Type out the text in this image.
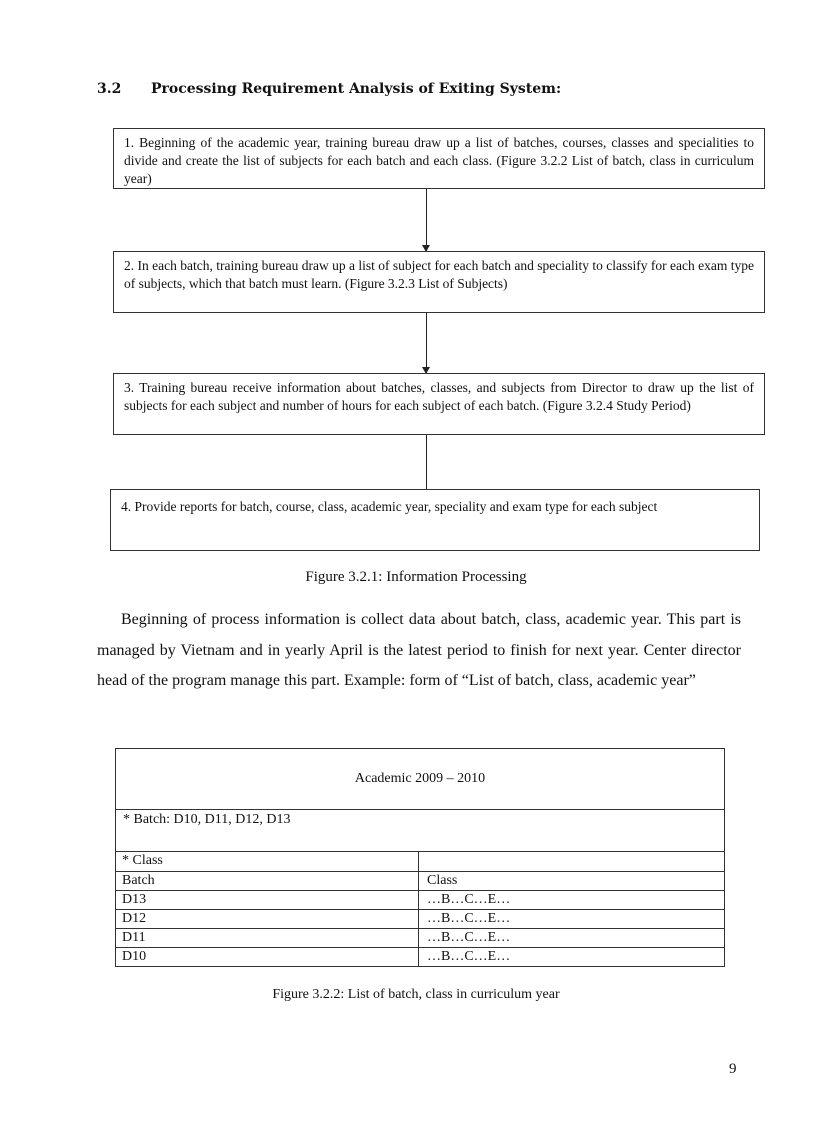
3.2 Processing Requirement Analysis of Exiting System:
1. Beginning of the academic year, training bureau draw up a list of batches, courses, classes and specialities to divide and create the list of subjects for each batch and each class. (Figure 3.2.2 List of batch, class in curriculum year)
2. In each batch, training bureau draw up a list of subject for each batch and speciality to classify for each exam type of subjects, which that batch must learn. (Figure 3.2.3 List of Subjects)
3. Training bureau receive information about batches, classes, and subjects from Director to draw up the list of subjects for each subject and number of hours for each subject of each batch. (Figure 3.2.4 Study Period)
4. Provide reports for batch, course, class, academic year, speciality and exam type for each subject
Figure 3.2.1: Information Processing
Beginning of process information is collect data about batch, class, academic year. This part is managed by Vietnam and in yearly April is the latest period to finish for next year. Center director head of the program manage this part. Example: form of “List of batch, class, academic year”
Academic 2009 – 2010
* Batch: D10, D11, D12, D13
* Class
Batch	Class
D13	…B…C…E…
D12	…B…C…E…
D11	…B…C…E…
D10	…B…C…E…
Figure 3.2.2: List of batch, class in curriculum year
9
